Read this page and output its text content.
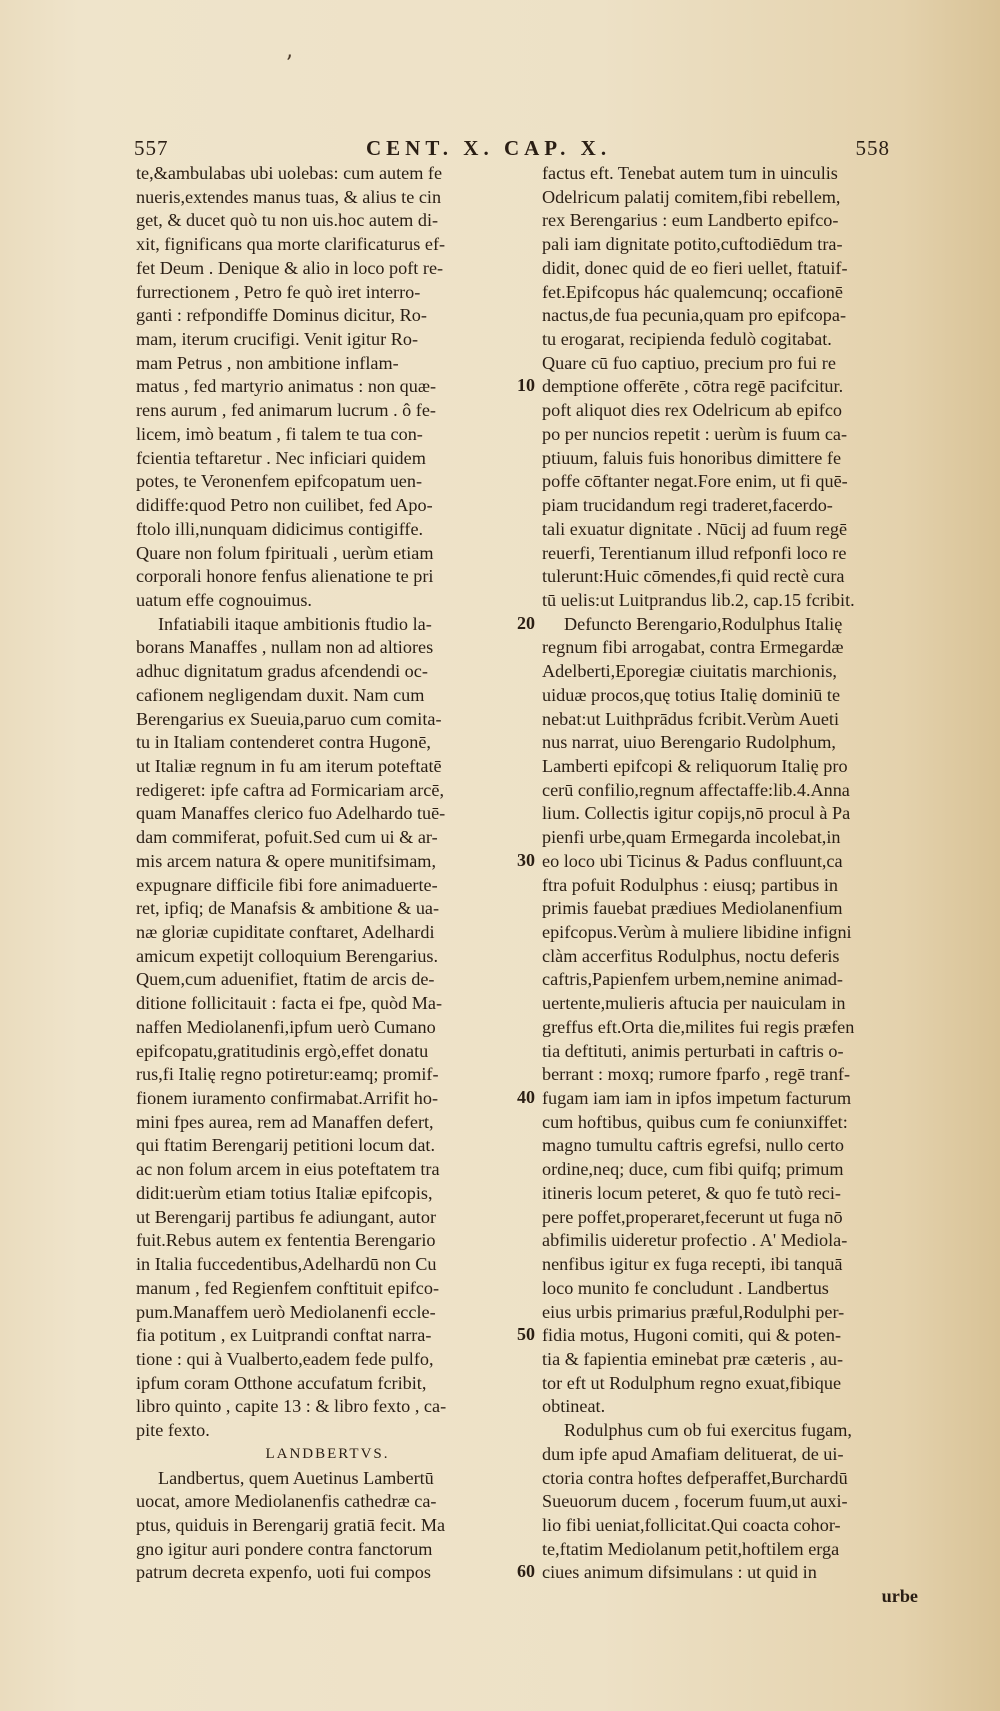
ʼ
557	CENT. X. CAP. X.	558
te,&ambulabas ubi uolebas: cum autem fe
nueris,extendes manus tuas, & alius te cin
get, & ducet quò tu non uis.hoc autem di-
xit, fignificans qua morte clarificaturus ef-
fet Deum . Denique & alio in loco poft re-
furrectionem , Petro fe quò iret interro-
ganti : refpondiffe Dominus dicitur, Ro-
mam, iterum crucifigi. Venit igitur Ro-
mam Petrus , non ambitione inflam-
matus , fed martyrio animatus : non quæ-
rens aurum , fed animarum lucrum . ô fe-
licem, imò beatum , fi talem te tua con-
fcientia teftaretur . Nec inficiari quidem
potes, te Veronenfem epifcopatum uen-
didiffe:quod Petro non cuilibet, fed Apo-
ftolo illi,nunquam didicimus contigiffe.
Quare non folum fpirituali , uerùm etiam
corporali honore fenfus alienatione te pri
uatum effe cognouimus.
Infatiabili itaque ambitionis ftudio la-
borans Manaffes , nullam non ad altiores
adhuc dignitatum gradus afcendendi oc-
cafionem negligendam duxit. Nam cum
Berengarius ex Sueuia,paruo cum comita-
tu in Italiam contenderet contra Hugonē,
ut Italiæ regnum in fu am iterum poteftatē
redigeret: ipfe caftra ad Formicariam arcē,
quam Manaffes clerico fuo Adelhardo tuē-
dam commiferat, pofuit.Sed cum ui & ar-
mis arcem natura & opere munitifsimam,
expugnare difficile fibi fore animaduerte-
ret, ipfiq; de Manafsis & ambitione & ua-
næ gloriæ cupiditate conftaret, Adelhardi
amicum expetijt colloquium Berengarius.
Quem,cum aduenifiet, ftatim de arcis de-
ditione follicitauit : facta ei fpe, quòd Ma-
naffen Mediolanenfi,ipfum uerò Cumano
epifcopatu,gratitudinis ergò,effet donatu
rus,fi Italię regno potiretur:eamq; promif-
fionem iuramento confirmabat.Arrifit ho-
mini fpes aurea, rem ad Manaffen defert,
qui ftatim Berengarij petitioni locum dat.
ac non folum arcem in eius poteftatem tra
didit:uerùm etiam totius Italiæ epifcopis,
ut Berengarij partibus fe adiungant, autor
fuit.Rebus autem ex fententia Berengario
in Italia fuccedentibus,Adelhardū non Cu
manum , fed Regienfem conftituit epifco-
pum.Manaffem uerò Mediolanenfi eccle-
fia potitum , ex Luitprandi conftat narra-
tione : qui à Vualberto,eadem fede pulfo,
ipfum coram Otthone accufatum fcribit,
libro quinto , capite 13 : & libro fexto , ca-
pite fexto.
LANDBERTVS.
Landbertus, quem Auetinus Lambertū
uocat, amore Mediolanenfis cathedræ ca-
ptus, quiduis in Berengarij gratiā fecit. Ma
gno igitur auri pondere contra fanctorum
patrum decreta expenfo, uoti fui compos
10
20
30
40
50
60
factus eft. Tenebat autem tum in uinculis
Odelricum palatij comitem,fibi rebellem,
rex Berengarius : eum Landberto epifco-
pali iam dignitate potito,cuftodiēdum tra-
didit, donec quid de eo fieri uellet, ftatuif-
fet.Epifcopus hác qualemcunq; occafionē
nactus,de fua pecunia,quam pro epifcopa-
tu erogarat, recipienda fedulò cogitabat.
Quare cū fuo captiuo, precium pro fui re
demptione offerēte , cōtra regē pacifcitur.
poft aliquot dies rex Odelricum ab epifco
po per nuncios repetit : uerùm is fuum ca-
ptiuum, faluis fuis honoribus dimittere fe
poffe cōftanter negat.Fore enim, ut fi quē-
piam trucidandum regi traderet,facerdo-
tali exuatur dignitate . Nūcij ad fuum regē
reuerfi, Terentianum illud refponfi loco re
tulerunt:Huic cōmendes,fi quid rectè cura
tū uelis:ut Luitprandus lib.2, cap.15 fcribit.
Defuncto Berengario,Rodulphus Italię
regnum fibi arrogabat, contra Ermegardæ
Adelberti,Eporegiæ ciuitatis marchionis,
uiduæ procos,quę totius Italię dominiū te
nebat:ut Luithprādus fcribit.Verùm Aueti
nus narrat, uiuo Berengario Rudolphum,
Lamberti epifcopi & reliquorum Italię pro
cerū confilio,regnum affectaffe:lib.4.Anna
lium. Collectis igitur copijs,nō procul à Pa
pienfi urbe,quam Ermegarda incolebat,in
eo loco ubi Ticinus & Padus confluunt,ca
ftra pofuit Rodulphus : eiusq; partibus in
primis fauebat prædiues Mediolanenfium
epifcopus.Verùm à muliere libidine infigni
clàm accerfitus Rodulphus, noctu deferis
caftris,Papienfem urbem,nemine animad-
uertente,mulieris aftucia per nauiculam in
greffus eft.Orta die,milites fui regis præfen
tia deftituti, animis perturbati in caftris o-
berrant : moxq; rumore fparfo , regē tranf-
fugam iam iam in ipfos impetum facturum
cum hoftibus, quibus cum fe coniunxiffet:
magno tumultu caftris egrefsi, nullo certo
ordine,neq; duce, cum fibi quifq; primum
itineris locum peteret, & quo fe tutò reci-
pere poffet,properaret,fecerunt ut fuga nō
abfimilis uideretur profectio . A' Mediola-
nenfibus igitur ex fuga recepti, ibi tanquā
loco munito fe concludunt . Landbertus
eius urbis primarius præful,Rodulphi per-
fidia motus, Hugoni comiti, qui & poten-
tia & fapientia eminebat præ cæteris , au-
tor eft ut Rodulphum regno exuat,fibique
obtineat.
Rodulphus cum ob fui exercitus fugam,
dum ipfe apud Amafiam delituerat, de ui-
ctoria contra hoftes defperaffet,Burchardū
Sueuorum ducem , focerum fuum,ut auxi-
lio fibi ueniat,follicitat.Qui coacta cohor-
te,ftatim Mediolanum petit,hoftilem erga
ciues animum difsimulans : ut quid in
urbe
